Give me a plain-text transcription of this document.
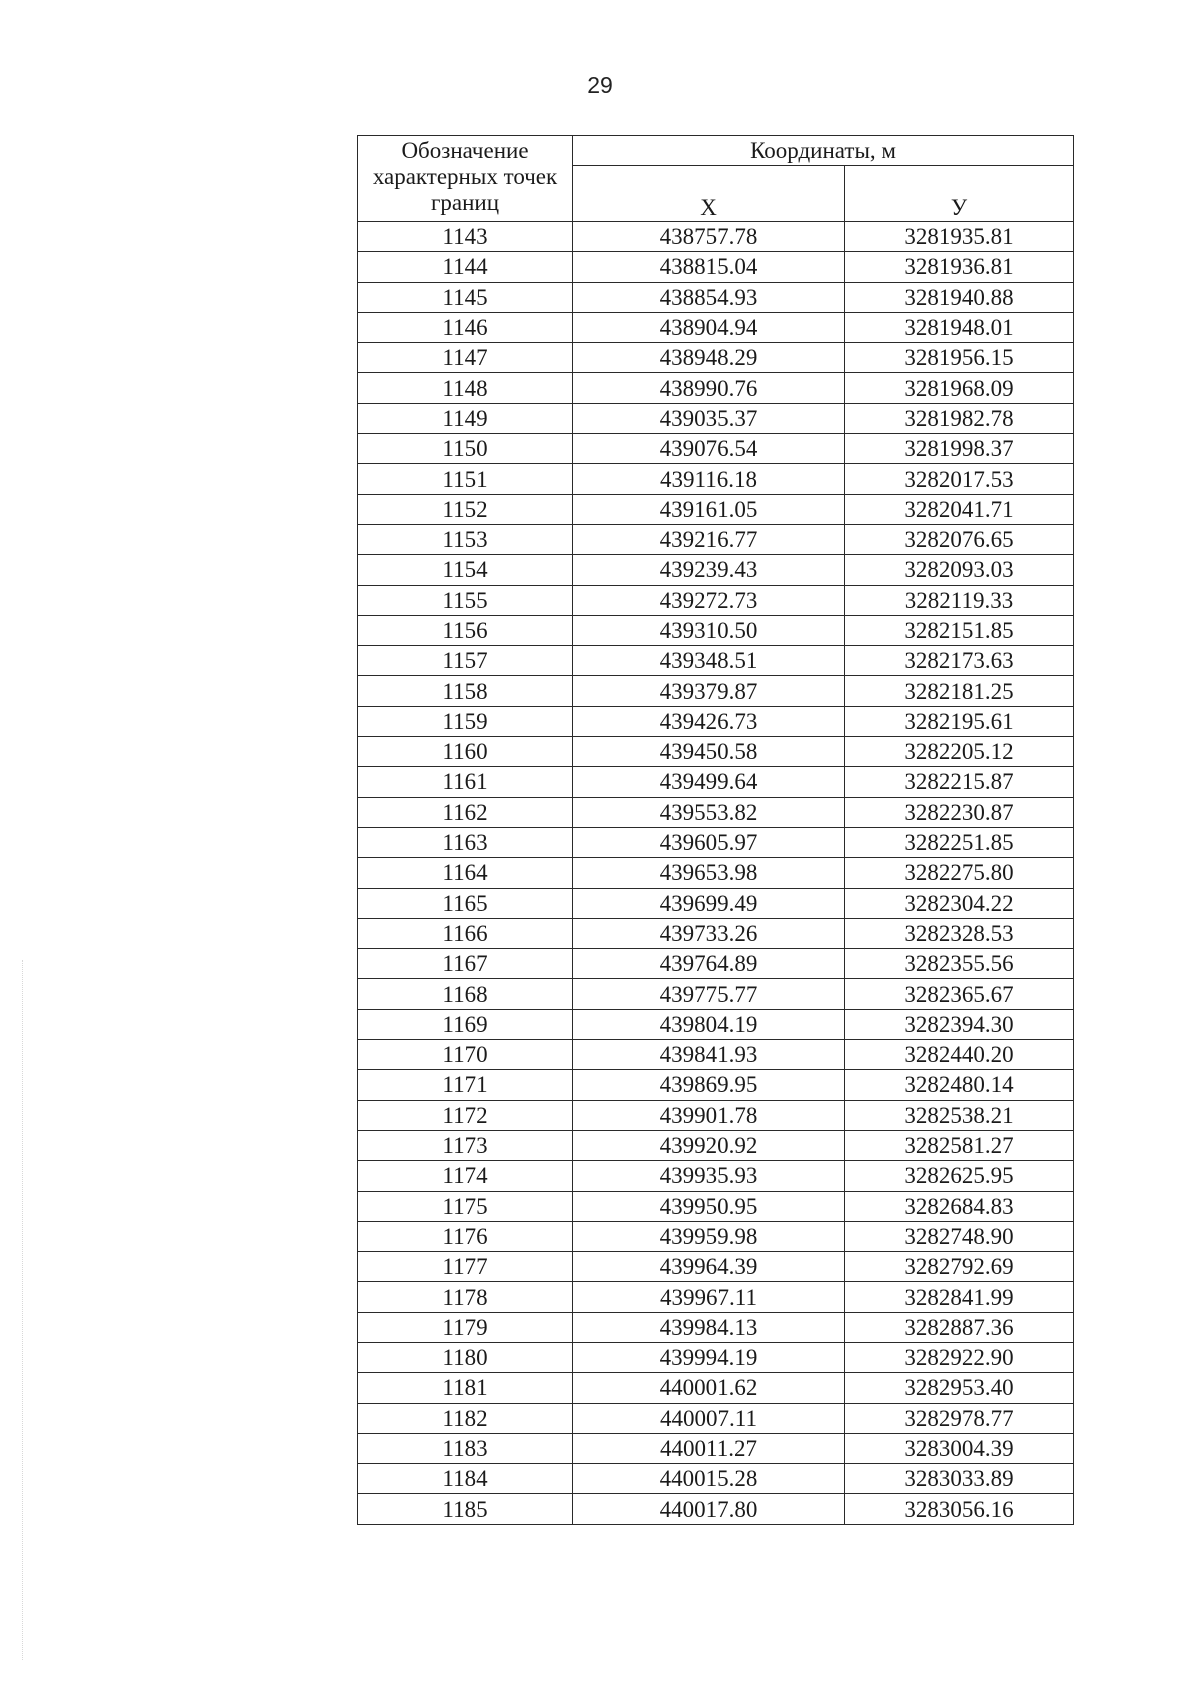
29
Обозначение характерных точек границ	Координаты, м	
	X	У
1143	438757.78	3281935.81
1144	438815.04	3281936.81
1145	438854.93	3281940.88
1146	438904.94	3281948.01
1147	438948.29	3281956.15
1148	438990.76	3281968.09
1149	439035.37	3281982.78
1150	439076.54	3281998.37
1151	439116.18	3282017.53
1152	439161.05	3282041.71
1153	439216.77	3282076.65
1154	439239.43	3282093.03
1155	439272.73	3282119.33
1156	439310.50	3282151.85
1157	439348.51	3282173.63
1158	439379.87	3282181.25
1159	439426.73	3282195.61
1160	439450.58	3282205.12
1161	439499.64	3282215.87
1162	439553.82	3282230.87
1163	439605.97	3282251.85
1164	439653.98	3282275.80
1165	439699.49	3282304.22
1166	439733.26	3282328.53
1167	439764.89	3282355.56
1168	439775.77	3282365.67
1169	439804.19	3282394.30
1170	439841.93	3282440.20
1171	439869.95	3282480.14
1172	439901.78	3282538.21
1173	439920.92	3282581.27
1174	439935.93	3282625.95
1175	439950.95	3282684.83
1176	439959.98	3282748.90
1177	439964.39	3282792.69
1178	439967.11	3282841.99
1179	439984.13	3282887.36
1180	439994.19	3282922.90
1181	440001.62	3282953.40
1182	440007.11	3282978.77
1183	440011.27	3283004.39
1184	440015.28	3283033.89
1185	440017.80	3283056.16
